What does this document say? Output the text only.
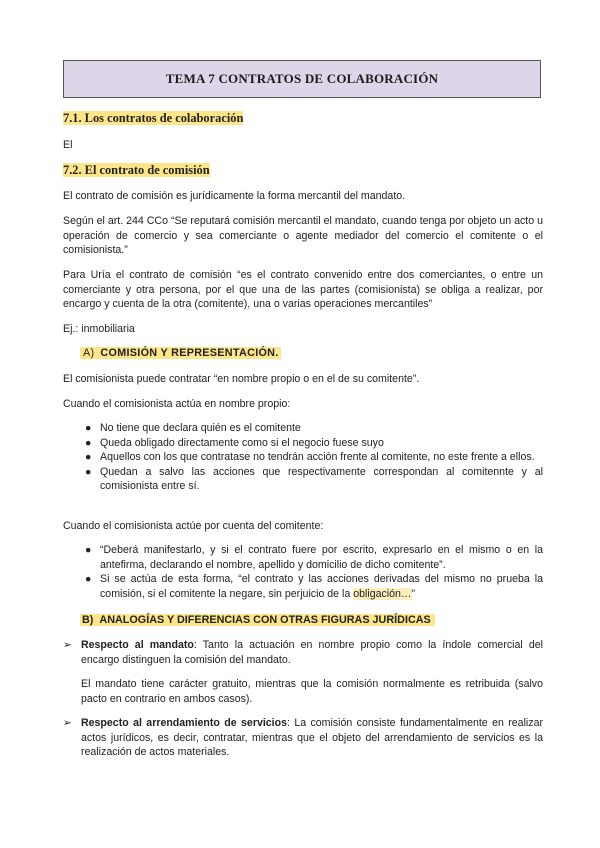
TEMA 7 CONTRATOS DE COLABORACIÓN
7.1. Los contratos de colaboración
El
7.2. El contrato de comisión
El contrato de comisión es jurídicamente la forma mercantil del mandato.
Según el art. 244 CCo “Se reputará comisión mercantil el mandato, cuando tenga por objeto un acto u operación de comercio y sea comerciante o agente mediador del comercio el comitente o el comisionista.”
Para Uría el contrato de comisión “es el contrato convenido entre dos comerciantes, o entre un comerciante y otra persona, por el que una de las partes (comisionista) se obliga a realizar, por encargo y cuenta de la otra (comitente), una o varias operaciones mercantiles”
Ej.: inmobiliaria
A) COMISIÓN Y REPRESENTACIÓN.
El comisionista puede contratar “en nombre propio o en el de su comitente”.
Cuando el comisionista actúa en nombre propio:
● No tiene que declara quién es el comitente
● Queda obligado directamente como si el negocio fuese suyo
● Aquellos con los que contratase no tendrán acción frente al comitente, no este frente a ellos.
● Quedan a salvo las acciones que respectivamente correspondan al comitennte y al comisionista entre sí.
Cuando el comisionista actúe por cuenta del comitente:
● “Deberá manifestarlo, y si el contrato fuere por escrito, expresarlo en el mismo o en la antefirma, declarando el nombre, apellido y domicilio de dicho comitente”.
● Si se actúa de esta forma, “el contrato y las acciones derivadas del mismo no prueba la comisión, si el comitente la negare, sin perjuicio de la obligación…”
B) ANALOGÍAS Y DIFERENCIAS CON OTRAS FIGURAS JURÍDICAS
➢ Respecto al mandato: Tanto la actuación en nombre propio como la índole comercial del encargo distinguen la comisión del mandato.
El mandato tiene carácter gratuito, mientras que la comisión normalmente es retribuida (salvo pacto en contrario en ambos casos).
➢ Respecto al arrendamiento de servicios: La comisión consiste fundamentalmente en realizar actos jurídicos, es decir, contratar, mientras que el objeto del arrendamiento de servicios es la realización de actos materiales.
